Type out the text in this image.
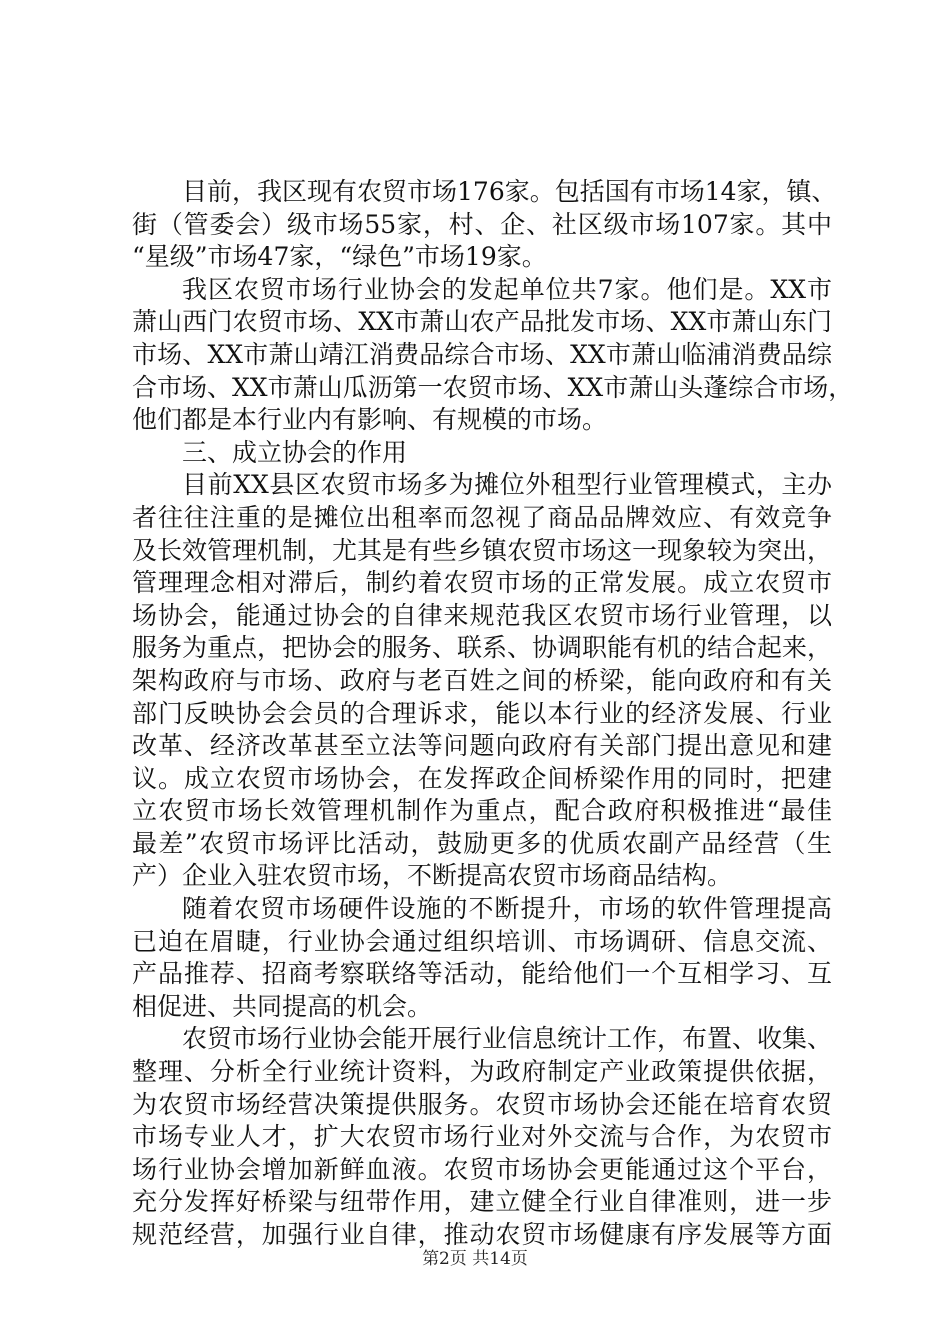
目前，我区现有农贸市场176家。包括国有市场14家，镇、
街（管委会）级市场55家，村、企、社区级市场107家。其中
“星级”市场47家，“绿色”市场19家。
我区农贸市场行业协会的发起单位共7家。他们是。XX市
萧山西门农贸市场、XX市萧山农产品批发市场、XX市萧山东门
市场、XX市萧山靖江消费品综合市场、XX市萧山临浦消费品综
合市场、XX市萧山瓜沥第一农贸市场、XX市萧山头蓬综合市场，
他们都是本行业内有影响、有规模的市场。
三、成立协会的作用
目前XX县区农贸市场多为摊位外租型行业管理模式，主办
者往往注重的是摊位出租率而忽视了商品品牌效应、有效竞争
及长效管理机制，尤其是有些乡镇农贸市场这一现象较为突出，
管理理念相对滞后，制约着农贸市场的正常发展。成立农贸市
场协会，能通过协会的自律来规范我区农贸市场行业管理，以
服务为重点，把协会的服务、联系、协调职能有机的结合起来，
架构政府与市场、政府与老百姓之间的桥梁，能向政府和有关
部门反映协会会员的合理诉求，能以本行业的经济发展、行业
改革、经济改革甚至立法等问题向政府有关部门提出意见和建
议。成立农贸市场协会，在发挥政企间桥梁作用的同时，把建
立农贸市场长效管理机制作为重点，配合政府积极推进“最佳
最差”农贸市场评比活动，鼓励更多的优质农副产品经营（生
产）企业入驻农贸市场，不断提高农贸市场商品结构。
随着农贸市场硬件设施的不断提升，市场的软件管理提高
已迫在眉睫，行业协会通过组织培训、市场调研、信息交流、
产品推荐、招商考察联络等活动，能给他们一个互相学习、互
相促进、共同提高的机会。
农贸市场行业协会能开展行业信息统计工作，布置、收集、
整理、分析全行业统计资料，为政府制定产业政策提供依据，
为农贸市场经营决策提供服务。农贸市场协会还能在培育农贸
市场专业人才，扩大农贸市场行业对外交流与合作，为农贸市
场行业协会增加新鲜血液。农贸市场协会更能通过这个平台，
充分发挥好桥梁与纽带作用，建立健全行业自律准则，进一步
规范经营，加强行业自律，推动农贸市场健康有序发展等方面
第2页 共14页
